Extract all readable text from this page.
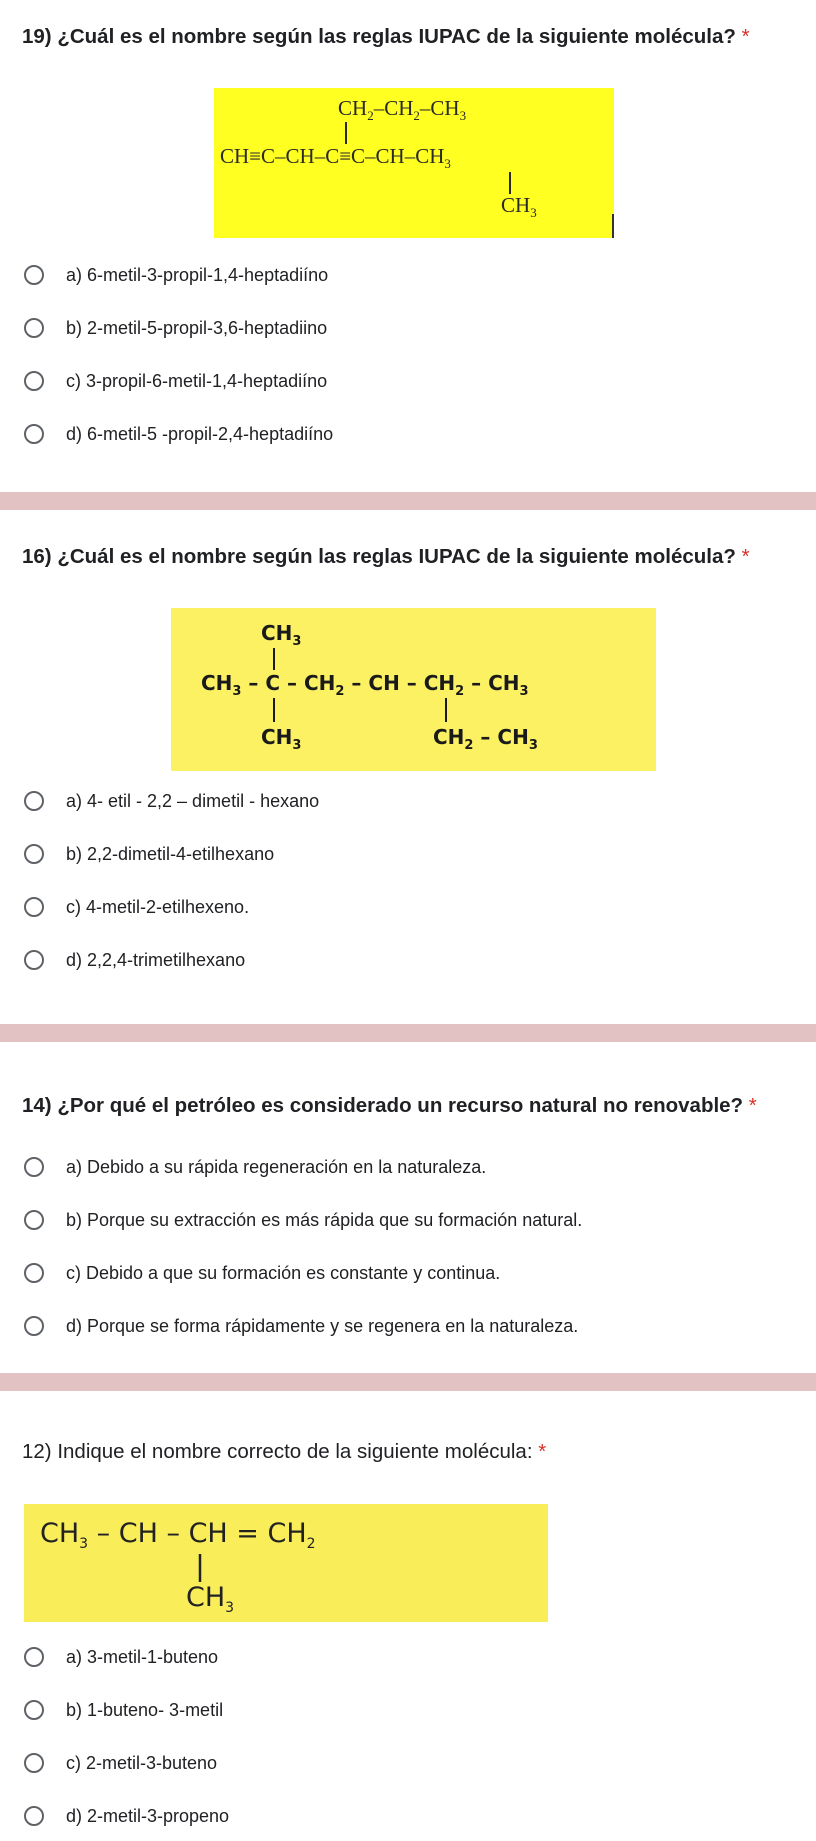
19) ¿Cuál es el nombre según las reglas IUPAC de la siguiente molécula? *
$CH_2-CH_2-CH_3$
$CH\equiv C-CH-C\equiv C-CH-CH_3$
$CH_3$
a) 6-metil-3-propil-1,4-heptadiíno
b) 2-metil-5-propil-3,6-heptadiino
c) 3-propil-6-metil-1,4-heptadiíno
d) 6-metil-5 -propil-2,4-heptadiíno
16) ¿Cuál es el nombre según las reglas IUPAC de la siguiente molécula? *
$CH_3$
$CH_3$ – C – $CH_2$ – CH – $CH_2 - CH_3$
$CH_3$	$CH_2 - CH_3$
a) 4- etil - 2,2 – dimetil - hexano
b) 2,2-dimetil-4-etilhexano
c) 4-metil-2-etilhexeno.
d) 2,2,4-trimetilhexano
14) ¿Por qué el petróleo es considerado un recurso natural no renovable? *
a) Debido a su rápida regeneración en la naturaleza.
b) Porque su extracción es más rápida que su formación natural.
c) Debido a que su formación es constante y continua.
d) Porque se forma rápidamente y se regenera en la naturaleza.
12) Indique el nombre correcto de la siguiente molécula: *
$CH_3$ – CH – CH = $CH_2$
$CH_3$
a) 3-metil-1-buteno
b) 1-buteno- 3-metil
c) 2-metil-3-buteno
d) 2-metil-3-propeno
